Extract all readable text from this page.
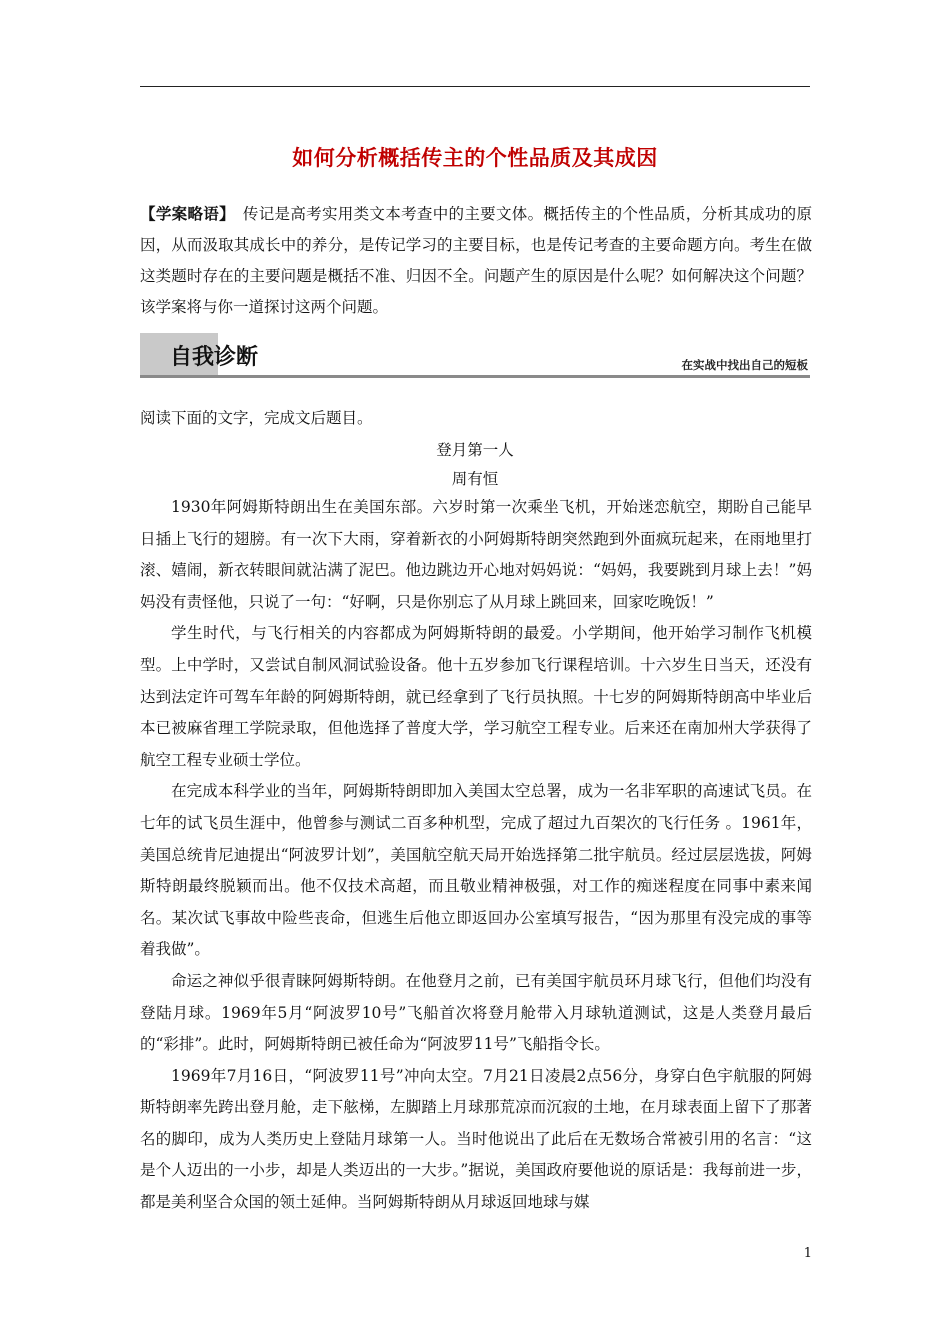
如何分析概括传主的个性品质及其成因
【学案略语】 传记是高考实用类文本考查中的主要文体。概括传主的个性品质，分析其成功的原因，从而汲取其成长中的养分，是传记学习的主要目标，也是传记考查的主要命题方向。考生在做这类题时存在的主要问题是概括不准、归因不全。问题产生的原因是什么呢？如何解决这个问题？该学案将与你一道探讨这两个问题。
自我诊断	在实战中找出自己的短板
阅读下面的文字，完成文后题目。
登月第一人
周有恒

1930年阿姆斯特朗出生在美国东部。六岁时第一次乘坐飞机，开始迷恋航空，期盼自己能早日插上飞行的翅膀。有一次下大雨，穿着新衣的小阿姆斯特朗突然跑到外面疯玩起来，在雨地里打滚、嬉闹，新衣转眼间就沾满了泥巴。他边跳边开心地对妈妈说：“妈妈，我要跳到月球上去！”妈妈没有责怪他，只说了一句：“好啊，只是你别忘了从月球上跳回来，回家吃晚饭！”

学生时代，与飞行相关的内容都成为阿姆斯特朗的最爱。小学期间，他开始学习制作飞机模型。上中学时，又尝试自制风洞试验设备。他十五岁参加飞行课程培训。十六岁生日当天，还没有达到法定许可驾车年龄的阿姆斯特朗，就已经拿到了飞行员执照。十七岁的阿姆斯特朗高中毕业后本已被麻省理工学院录取，但他选择了普度大学，学习航空工程专业。后来还在南加州大学获得了航空工程专业硕士学位。

在完成本科学业的当年，阿姆斯特朗即加入美国太空总署，成为一名非军职的高速试飞员。在七年的试飞员生涯中，他曾参与测试二百多种机型，完成了超过九百架次的飞行任务 。1961年，美国总统肯尼迪提出“阿波罗计划”，美国航空航天局开始选择第二批宇航员。经过层层选拔，阿姆斯特朗最终脱颖而出。他不仅技术高超，而且敬业精神极强，对工作的痴迷程度在同事中素来闻名。某次试飞事故中险些丧命，但逃生后他立即返回办公室填写报告，“因为那里有没完成的事等着我做”。

命运之神似乎很青睐阿姆斯特朗。在他登月之前，已有美国宇航员环月球飞行，但他们均没有登陆月球。1969年5月“阿波罗10号”飞船首次将登月舱带入月球轨道测试，这是人类登月最后的“彩排”。此时，阿姆斯特朗已被任命为“阿波罗11号”飞船指令长。

1969年7月16日，“阿波罗11号”冲向太空。7月21日凌晨2点56分，身穿白色宇航服的阿姆斯特朗率先跨出登月舱，走下舷梯，左脚踏上月球那荒凉而沉寂的土地，在月球表面上留下了那著名的脚印，成为人类历史上登陆月球第一人。当时他说出了此后在无数场合常被引用的名言：“这是个人迈出的一小步，却是人类迈出的一大步。”据说，美国政府要他说的原话是：我每前进一步，都是美利坚合众国的领土延伸。当阿姆斯特朗从月球返回地球与媒

1
